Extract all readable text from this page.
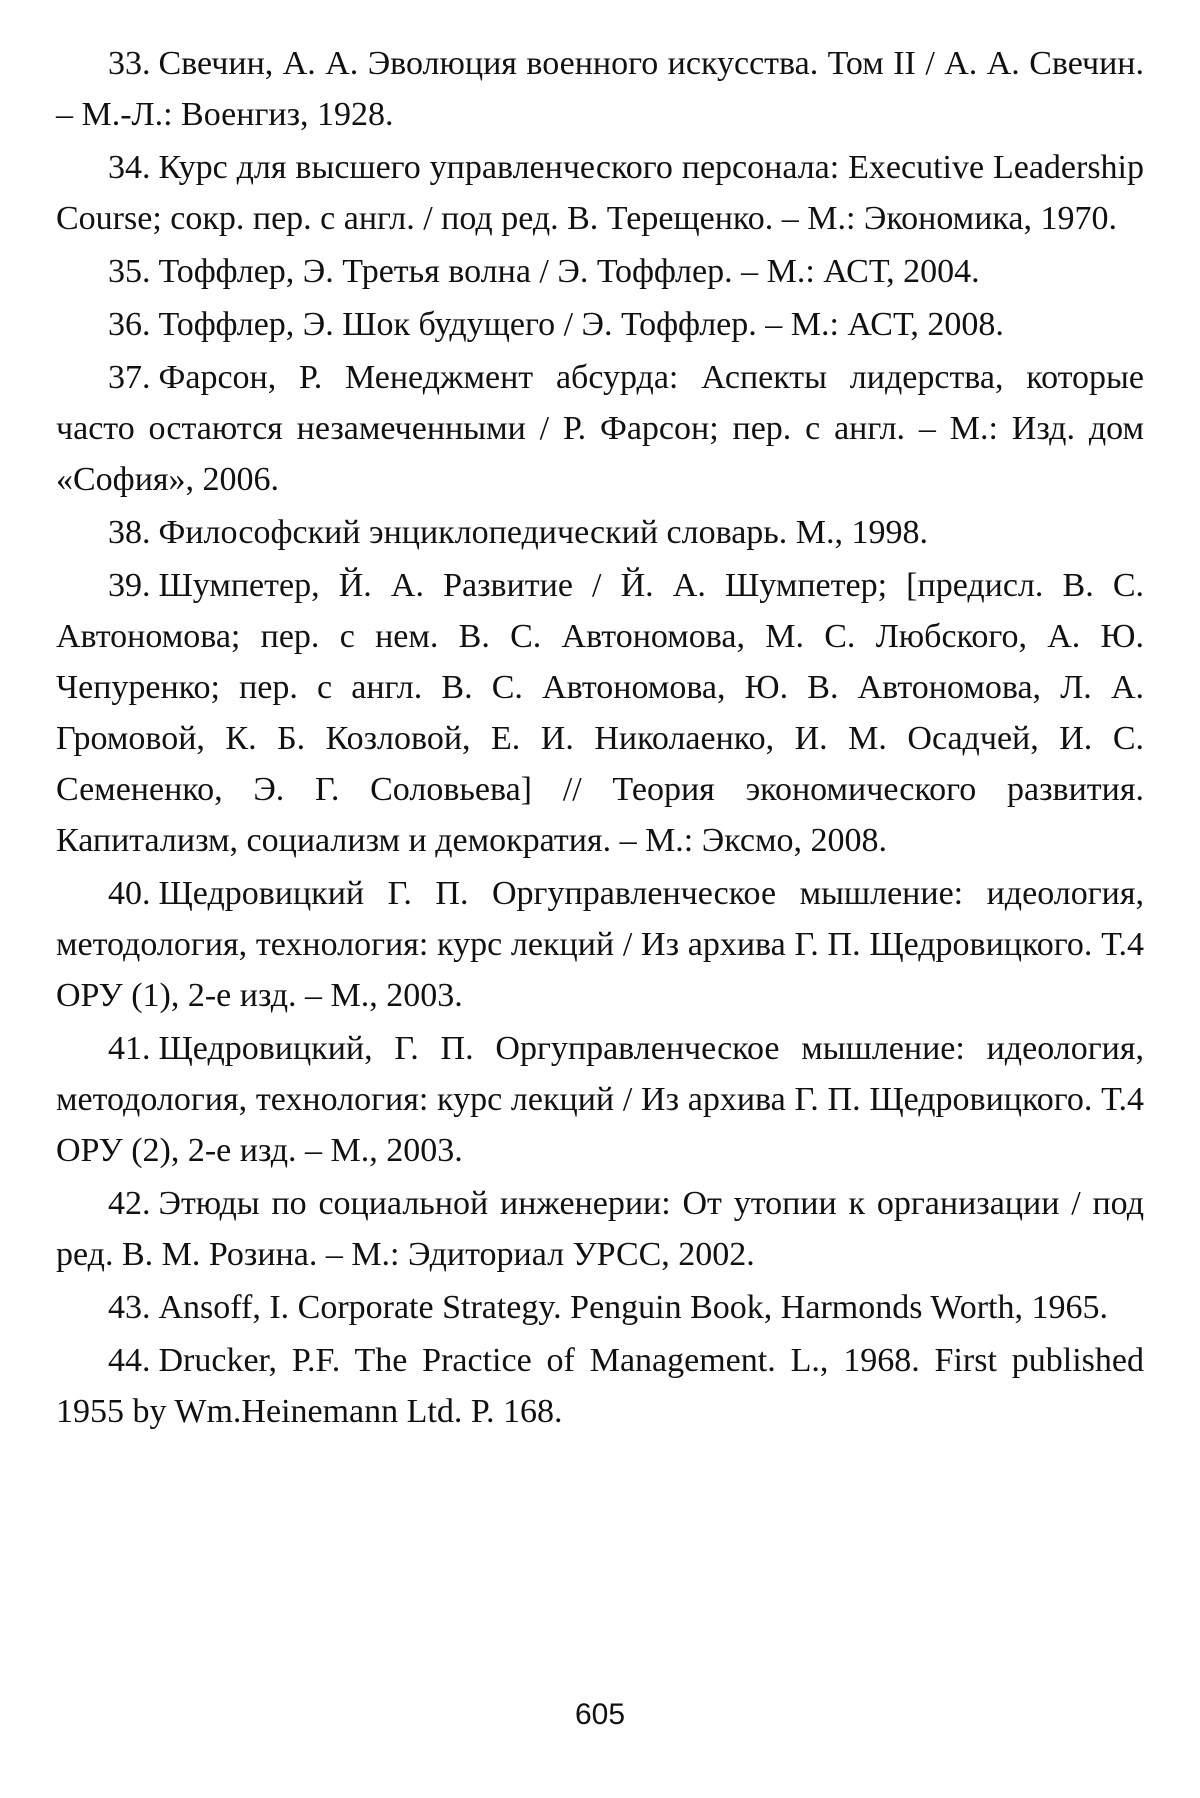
33. Свечин, А. А. Эволюция военного искусства. Том II / А. А. Свечин. – М.-Л.: Военгиз, 1928.
34. Курс для высшего управленческого персонала: Executive Leadership Course; сокр. пер. с англ. / под ред. В. Терещенко. – М.: Экономика, 1970.
35. Тоффлер, Э. Третья волна / Э. Тоффлер. – М.: АСТ, 2004.
36. Тоффлер, Э. Шок будущего / Э. Тоффлер. – М.: АСТ, 2008.
37. Фарсон, Р. Менеджмент абсурда: Аспекты лидерства, которые часто остаются незамеченными / Р. Фарсон; пер. с англ. – М.: Изд. дом «София», 2006.
38. Философский энциклопедический словарь. М., 1998.
39. Шумпетер, Й. А. Развитие / Й. А. Шумпетер; [предисл. В. С. Автономова; пер. с нем. В. С. Автономова, М. С. Любского, А. Ю. Чепуренко; пер. с англ. В. С. Автономова, Ю. В. Автономова, Л. А. Громовой, К. Б. Козловой, Е. И. Николаенко, И. М. Осадчей, И. С. Семененко, Э. Г. Соловьева] // Теория экономического развития. Капитализм, социализм и демократия. – М.: Эксмо, 2008.
40. Щедровицкий Г. П. Оргуправленческое мышление: идеология, методология, технология: курс лекций / Из архива Г. П. Щедровицкого. Т.4 ОРУ (1), 2-е изд. – М., 2003.
41. Щедровицкий, Г. П. Оргуправленческое мышление: идеология, методология, технология: курс лекций / Из архива Г. П. Щедровицкого. Т.4 ОРУ (2), 2-е изд. – М., 2003.
42. Этюды по социальной инженерии: От утопии к организации / под ред. В. М. Розина. – М.: Эдиториал УРСС, 2002.
43. Ansoff, I. Corporate Strategy. Penguin Book, Harmonds Worth, 1965.
44. Drucker, P.F. The Practice of Management. L., 1968. First published 1955 by Wm.Heinemann Ltd. P. 168.
605
